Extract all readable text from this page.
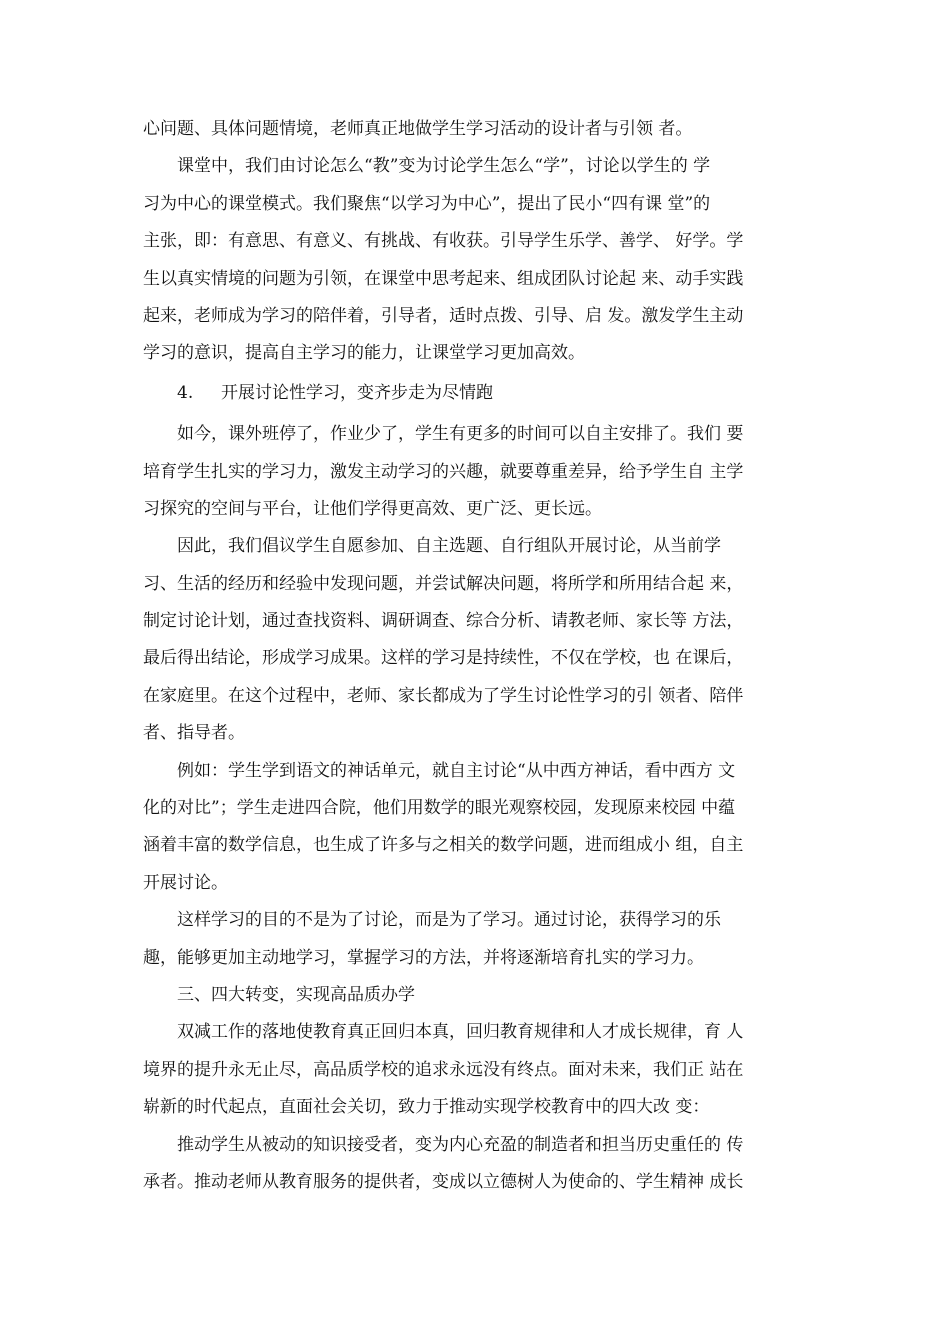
心问题、具体问题情境，老师真正地做学生学习活动的设计者与引领 者。
课堂中，我们由讨论怎么“教”变为讨论学生怎么“学”，讨论以学生的 学
习为中心的课堂模式。我们聚焦“以学习为中心”，提出了民小“四有课 堂”的
主张，即：有意思、有意义、有挑战、有收获。引导学生乐学、善学、 好学。学
生以真实情境的问题为引领，在课堂中思考起来、组成团队讨论起 来、动手实践
起来，老师成为学习的陪伴着，引导者，适时点拨、引导、启 发。激发学生主动
学习的意识，提高自主学习的能力，让课堂学习更加高效。
4. 开展讨论性学习，变齐步走为尽情跑
如今，课外班停了，作业少了，学生有更多的时间可以自主安排了。我们 要
培育学生扎实的学习力，激发主动学习的兴趣，就要尊重差异，给予学生自 主学
习探究的空间与平台，让他们学得更高效、更广泛、更长远。
因此，我们倡议学生自愿参加、自主选题、自行组队开展讨论，从当前学
习、生活的经历和经验中发现问题，并尝试解决问题，将所学和所用结合起 来，
制定讨论计划，通过查找资料、调研调查、综合分析、请教老师、家长等 方法，
最后得出结论，形成学习成果。这样的学习是持续性，不仅在学校，也 在课后，
在家庭里。在这个过程中，老师、家长都成为了学生讨论性学习的引 领者、陪伴
者、指导者。
例如：学生学到语文的神话单元，就自主讨论“从中西方神话，看中西方 文
化的对比”；学生走进四合院，他们用数学的眼光观察校园，发现原来校园 中蕴
涵着丰富的数学信息，也生成了许多与之相关的数学问题，进而组成小 组，自主
开展讨论。
这样学习的目的不是为了讨论，而是为了学习。通过讨论，获得学习的乐
趣，能够更加主动地学习，掌握学习的方法，并将逐渐培育扎实的学习力。
三、四大转变，实现高品质办学
双减工作的落地使教育真正回归本真，回归教育规律和人才成长规律，育 人
境界的提升永无止尽，高品质学校的追求永远没有终点。面对未来，我们正 站在
崭新的时代起点，直面社会关切，致力于推动实现学校教育中的四大改 变：
推动学生从被动的知识接受者，变为内心充盈的制造者和担当历史重任的 传
承者。推动老师从教育服务的提供者，变成以立德树人为使命的、学生精神 成长
